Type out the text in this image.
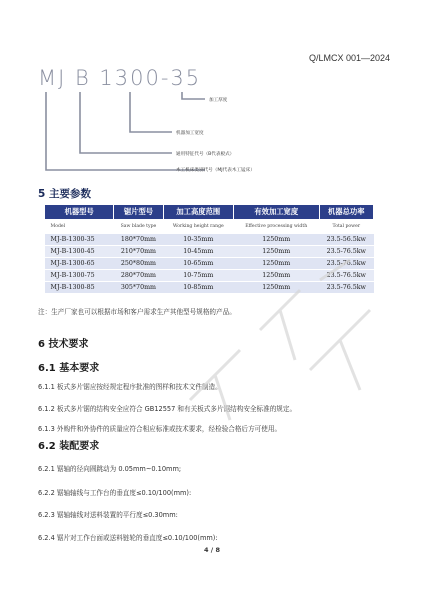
Q/LMCX 001—2024
MJ B 1300-35
加工厚度
机器加工宽度
通用特征代号（B代表板式）
木工机床类别代号（MJ代表木工锰床）
5 主要参数
机器型号	锯片型号	加工高度范围	有效加工宽度	机器总功率
Model	Saw blade type	Working height range	Effective processing width	Total power
MJ-B-1300-35	180*70mm	10-35mm	1250mm	23.5-56.5kw
MJ-B-1300-45	210*70mm	10-45mm	1250mm	23.5-76.5kw
MJ-B-1300-65	250*80mm	10-65mm	1250mm	23.5-76.5kw
MJ-B-1300-75	280*70mm	10-75mm	1250mm	23.5-76.5kw
MJ-B-1300-85	305*70mm	10-85mm	1250mm	23.5-76.5kw
注：生产厂家也可以根据市场和客户需求生产其他型号规格的产品。
6 技术要求
6.1 基本要求
6.1.1 板式多片锯应按经规定程序批准的图样和技术文件制造。
6.1.2 板式多片锯的结构安全应符合 GB12557 和有关板式多片锯结构安全标准的规定。
6.1.3 外购件和外协件的质量应符合相应标准或技术要求，经检验合格后方可使用。
6.2 装配要求
6.2.1 锯轴的径向圆跳动为 0.05mm~0.10mm;
6.2.2 锯轴轴线与工作台的垂直度≤0.10/100(mm):
6.2.3 锯轴轴线对送料装置的平行度≤0.30mm:
6.2.4 锯片对工作台面或送料链轮的垂直度≤0.10/100(mm):
4 / 8
